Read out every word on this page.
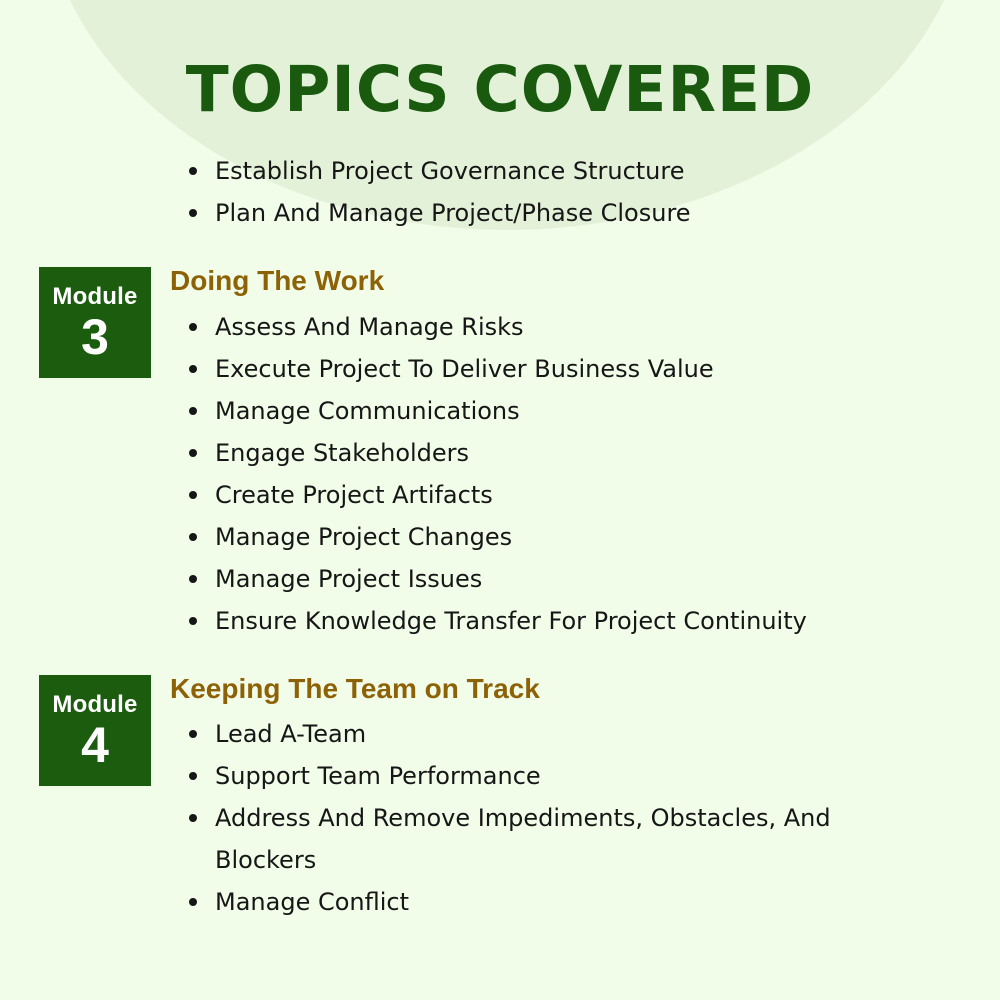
TOPICS COVERED
Establish Project Governance Structure
Plan And Manage Project/Phase Closure
Module
3
Doing The Work
Assess And Manage Risks
Execute Project To Deliver Business Value
Manage Communications
Engage Stakeholders
Create Project Artifacts
Manage Project Changes
Manage Project Issues
Ensure Knowledge Transfer For Project Continuity
Module
4
Keeping The Team on Track
Lead A-Team
Support Team Performance
Address And Remove Impediments, Obstacles, And Blockers
Manage Conflict
